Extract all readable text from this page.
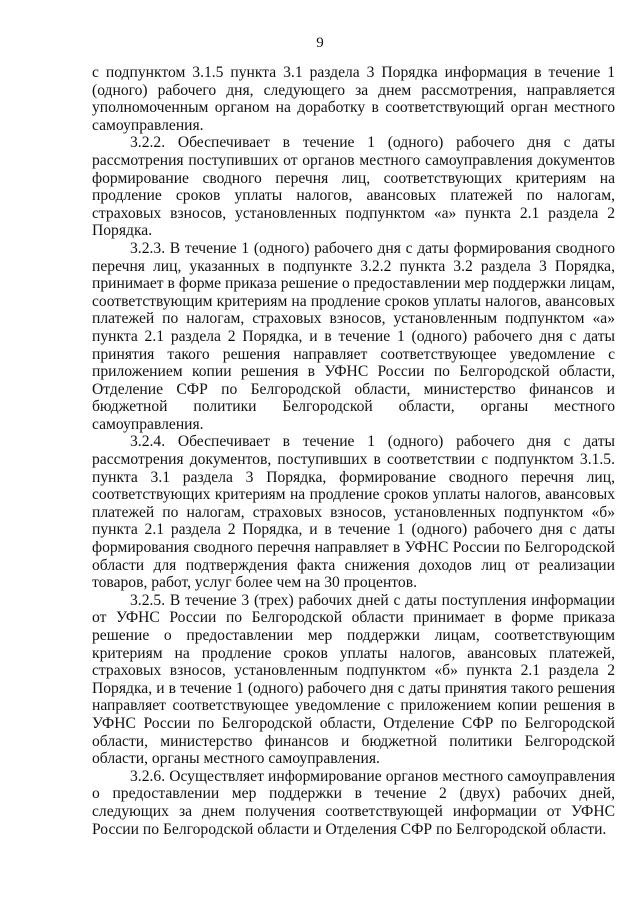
9

с подпунктом 3.1.5 пункта 3.1 раздела 3 Порядка информация в течение 1 (одного) рабочего дня, следующего за днем рассмотрения, направляется уполномоченным органом на доработку в соответствующий орган местного самоуправления.

3.2.2. Обеспечивает в течение 1 (одного) рабочего дня с даты рассмотрения поступивших от органов местного самоуправления документов формирование сводного перечня лиц, соответствующих критериям на продление сроков уплаты налогов, авансовых платежей по налогам, страховых взносов, установленных подпунктом «а» пункта 2.1 раздела 2 Порядка.

3.2.3. В течение 1 (одного) рабочего дня с даты формирования сводного перечня лиц, указанных в подпункте 3.2.2 пункта 3.2 раздела 3 Порядка, принимает в форме приказа решение о предоставлении мер поддержки лицам, соответствующим критериям на продление сроков уплаты налогов, авансовых платежей по налогам, страховых взносов, установленным подпунктом «а» пункта 2.1 раздела 2 Порядка, и в течение 1 (одного) рабочего дня с даты принятия такого решения направляет соответствующее уведомление с приложением копии решения в УФНС России по Белгородской области, Отделение СФР по Белгородской области, министерство финансов и бюджетной политики Белгородской области, органы местного самоуправления.

3.2.4. Обеспечивает в течение 1 (одного) рабочего дня с даты рассмотрения документов, поступивших в соответствии с подпунктом 3.1.5. пункта 3.1 раздела 3 Порядка, формирование сводного перечня лиц, соответствующих критериям на продление сроков уплаты налогов, авансовых платежей по налогам, страховых взносов, установленных подпунктом «б» пункта 2.1 раздела 2 Порядка, и в течение 1 (одного) рабочего дня с даты формирования сводного перечня направляет в УФНС России по Белгородской области для подтверждения факта снижения доходов лиц от реализации товаров, работ, услуг более чем на 30 процентов.

3.2.5. В течение 3 (трех) рабочих дней с даты поступления информации от УФНС России по Белгородской области принимает в форме приказа решение о предоставлении мер поддержки лицам, соответствующим критериям на продление сроков уплаты налогов, авансовых платежей, страховых взносов, установленным подпунктом «б» пункта 2.1 раздела 2 Порядка, и в течение 1 (одного) рабочего дня с даты принятия такого решения направляет соответствующее уведомление с приложением копии решения в УФНС России по Белгородской области, Отделение СФР по Белгородской области, министерство финансов и бюджетной политики Белгородской области, органы местного самоуправления.

3.2.6. Осуществляет информирование органов местного самоуправления о предоставлении мер поддержки в течение 2 (двух) рабочих дней, следующих за днем получения соответствующей информации от УФНС России по Белгородской области и Отделения СФР по Белгородской области.
